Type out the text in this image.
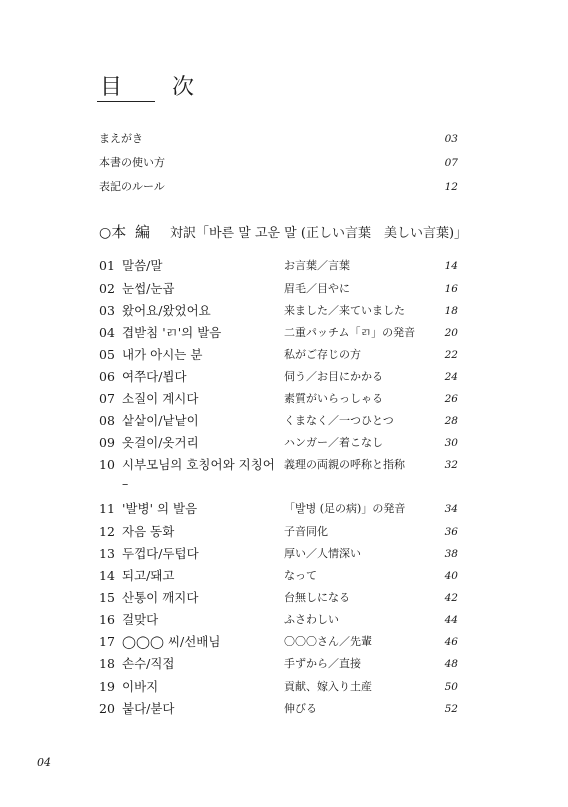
目　次
まえがき	03
本書の使い方	07
表記のルール	12
○本 編 対訳「바른 말 고운 말 (正しい言葉　美しい言葉)」
01 말씀/말	お言葉／言葉	14
02 눈썹/눈곱	眉毛／目やに	16
03 왔어요/왔었어요	来ました／来ていました	18
04 겹받침 'ㄺ'의 발음	二重パッチム「ㄺ」の発音	20
05 내가 아시는 분	私がご存じの方	22
06 여쭈다/뵙다	伺う／お目にかかる	24
07 소질이 계시다	素質がいらっしゃる	26
08 샅샅이/낱낱이	くまなく／一つひとつ	28
09 옷걸이/옷거리	ハンガー／着こなし	30
10 시부모님의 호칭어와 지칭어 義理の両親の呼称と指称	32
–
11 '발병' 의 발음	「발병 (足の病)」の発音	34
12 자음 동화	子音同化	36
13 두껍다/두텁다	厚い／人情深い	38
14 되고/돼고	なって	40
15 산통이 깨지다	台無しになる	42
16 걸맞다	ふさわしい	44
17 ◯◯◯ 씨/선배님	〇〇〇さん／先輩	46
18 손수/직접	手ずから／直接	48
19 이바지	貢献、嫁入り土産	50
20 붙다/붇다	伸びる	52
04
